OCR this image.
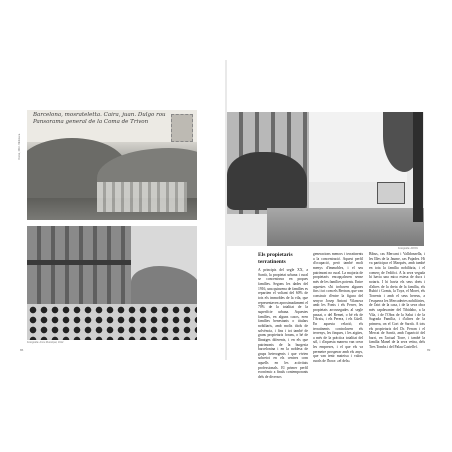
Barcelona, mosrateletta. Caira, juan. Dulgo rou Pansorama general de la Coma de Trivon
Postal, 1910. Biblioteca.
Fotografia: Arxiu Municipal, 1912
Fotografia: ARXIU

Els propietaris terratinents

A principis del segle XX, a Sarrià, la propietat urbana i rural se concentrava en poques famílies. Segons les dades del 1916, una quinzena de famílies es repartien el voltant del 60% de tots els immobles de la vila, que representaven aproximadament el 70% de la totalitat de la superfície urbana. Aquestes famílies, en alguns casos, eren famílies benestants o titulars nobiliaris, amb molts títols de solvència, i fins i tot també de grans propietaris forans, o bé de llinatges diferents, i en els que patrimonis de la burgesia barcelonina i en la noblesa de grups heterogenis i que vivien sobretot en els centres com aquells en les activitats professionals. El primer perfil econòmic a finals contemporanis dels de diversos

generacions menors i terratinents a la concentració. Aquest perfil d'ocupació, però també molt menys d'immobles, i el seu patrimoni no rural. La majoria de propietaris encapçalaven sense més de les famílies potents. Entre aquestes s'hi trobaven algunes fins i tot com els Bertran, que van construir d'entre la figura del senyor Josep Antoni Vilanova amb les Fonts i els Ferrer, les propietats arrossegades al segle passat, o del Remei, o bé els de l'Arxiu, i els Perera, i els Güell. En aquesta relació, els terratinents controlaven els terrenys, les finques, i les aigües, a més de la pràctica totalitat del sòl, i d'aquesta manera van crear les empreses, i el que els va permetre prosperar amb els anys, que van tenir mateixa i valors rurals de l'hora: «el dels»

Bibus, cas Mercant i Valldonzella, i les Illes de la Jaume, cas Pujades. Hi va participar el Marquès, amb també en tota la família nobiliària, i el comerç de l'edifici. A la seva vegada hi havia una mica estesa de ducs i notaris. I hi havia els seus drets i d'altres de la dreta de la família, els Rubió i Gomis, la Toya, el Moret, els Torrents i amb el seus hereus, a l'esquerra les Mercaderies nobiliàries, de l'atri de la casa, i de la seva obra més capdavanter del Tibidabo, a la Vila, i de l'Obra de la Salut i de la Sagrada Família, i d'altres de la primera, on el Cort de Sarrià. A tots els propietaris del Dr. Ferran i el Mercat de Sarrià, amb l'aparició del barri, en l'actual Torre, i també la família Manel de la seva veïna, dels Tres Tombs i del Palau Castellví.

86	89
